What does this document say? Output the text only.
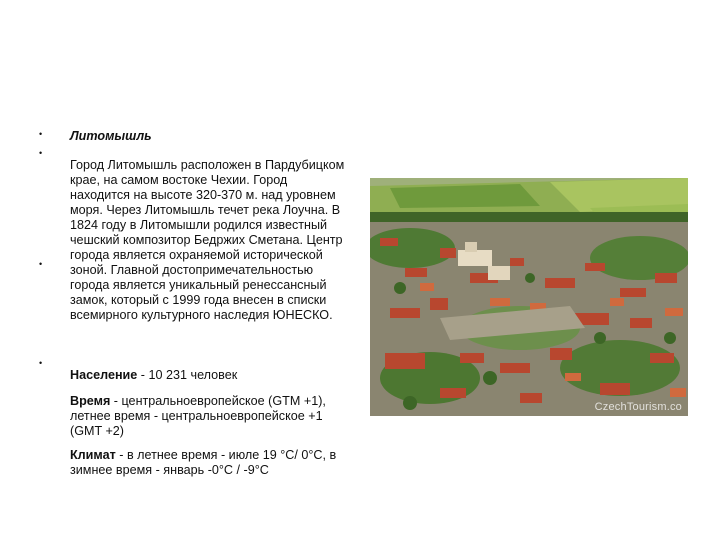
•
•
•
•
Литомышль
Город Литомышль расположен в Пардубицком крае, на самом востоке Чехии. Город находится на высоте 320-370 м. над уровнем моря. Через Литомышль течет река Лоучна. В 1824 году в Литомышли родился известный чешский композитор Бедржих Сметана. Центр города является охраняемой исторической зоной. Главной достопримечательностью города является уникальный ренессансный замок, который с 1999 года внесен в списки всемирного культурного наследия ЮНЕСКО.
Население - 10 231 человек
Время - центральноевропейское (GTM +1), летнее время - центральноевропейское +1 (GMT +2)
Климат - в летнее время - июле 19 °C/ 0°C, в зимнее время - январь -0°C / -9°C
CzechTourism.co
